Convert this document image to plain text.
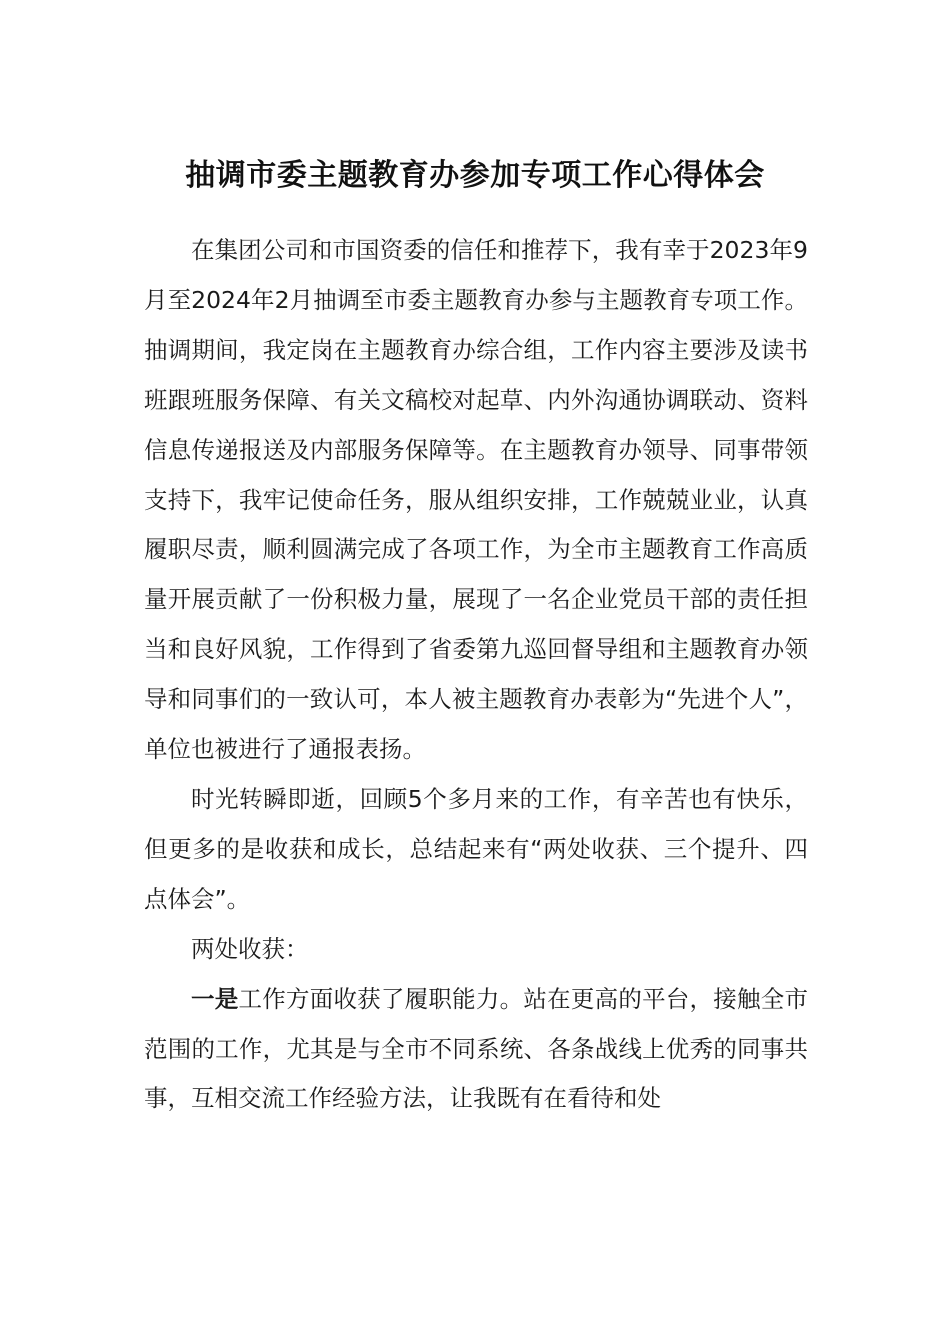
抽调市委主题教育办参加专项工作心得体会

在集团公司和市国资委的信任和推荐下，我有幸于2023年9月至2024年2月抽调至市委主题教育办参与主题教育专项工作。抽调期间，我定岗在主题教育办综合组，工作内容主要涉及读书班跟班服务保障、有关文稿校对起草、内外沟通协调联动、资料信息传递报送及内部服务保障等。在主题教育办领导、同事带领支持下，我牢记使命任务，服从组织安排，工作兢兢业业，认真履职尽责，顺利圆满完成了各项工作，为全市主题教育工作高质量开展贡献了一份积极力量，展现了一名企业党员干部的责任担当和良好风貌，工作得到了省委第九巡回督导组和主题教育办领导和同事们的一致认可，本人被主题教育办表彰为“先进个人”，单位也被进行了通报表扬。

时光转瞬即逝，回顾5个多月来的工作，有辛苦也有快乐，但更多的是收获和成长，总结起来有“两处收获、三个提升、四点体会”。

两处收获：

一是工作方面收获了履职能力。站在更高的平台，接触全市范围的工作，尤其是与全市不同系统、各条战线上优秀的同事共事，互相交流工作经验方法，让我既有在看待和处
